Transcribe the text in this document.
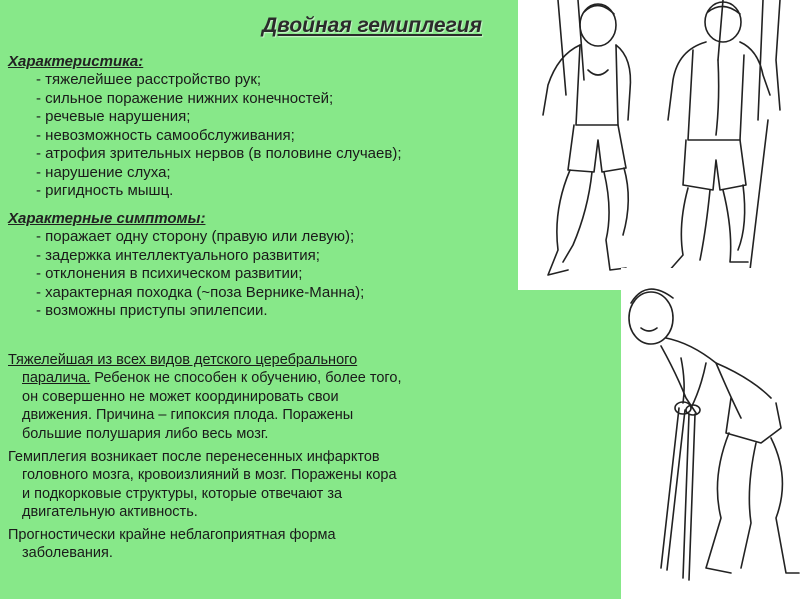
Двойная гемиплегия
Характеристика:
- тяжелейшее расстройство рук;
- сильное поражение нижних конечностей;
- речевые нарушения;
- невозможность самообслуживания;
- атрофия зрительных нервов (в половине случаев);
- нарушение слуха;
- ригидность мышц.
Характерные симптомы:
- поражает одну сторону (правую или левую);
- задержка интеллектуального развития;
- отклонения в психическом развитии;
- характерная походка (~поза Вернике-Манна);
- возможны приступы эпилепсии.
Тяжелейшая из всех видов детского церебрального
паралича. Ребенок не способен к обучению, более того,
он совершенно не может координировать свои
движения. Причина – гипоксия плода. Поражены
большие полушария либо весь мозг.
Гемиплегия возникает после перенесенных инфарктов
головного мозга, кровоизлияний в мозг. Поражены кора
и подкорковые структуры, которые отвечают за
двигательную активность.
Прогностически крайне неблагоприятная форма
заболевания.
